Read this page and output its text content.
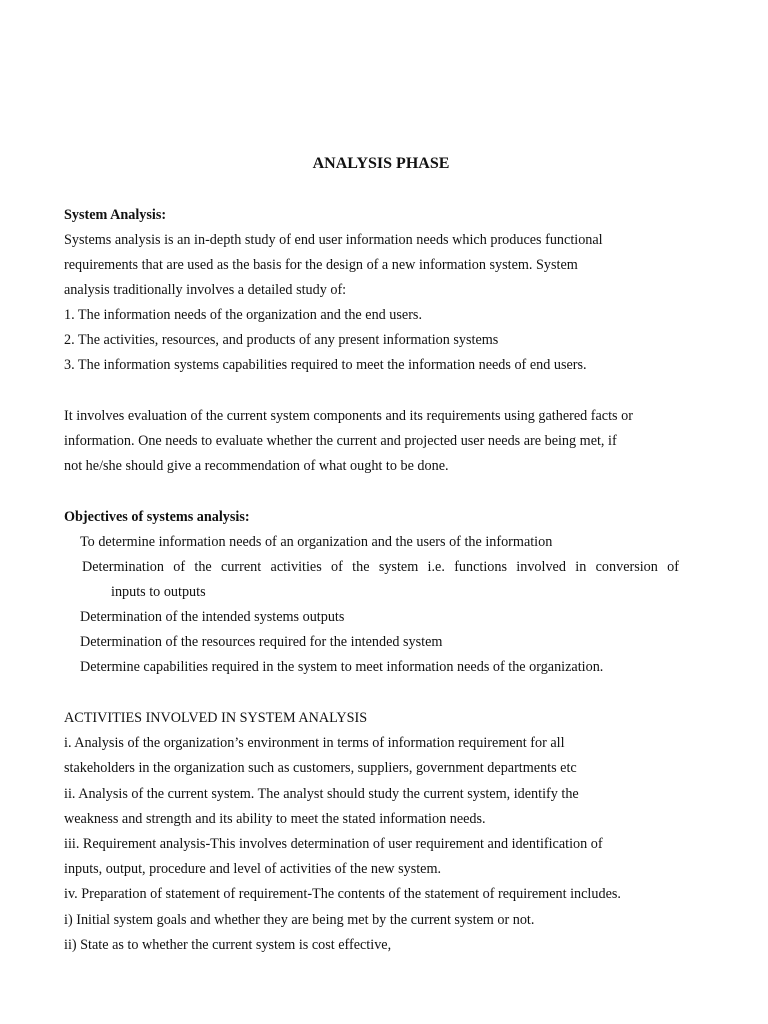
ANALYSIS PHASE
System Analysis:
Systems analysis is an in-depth study of end user information needs which produces functional
requirements that are used as the basis for the design of a new information system. System
analysis traditionally involves a detailed study of:
1. The information needs of the organization and the end users.
2. The activities, resources, and products of any present information systems
3. The information systems capabilities required to meet the information needs of end users.
It involves evaluation of the current system components and its requirements using gathered facts or
information. One needs to evaluate whether the current and projected user needs are being met, if
not he/she should give a recommendation of what ought to be done.
Objectives of systems analysis:
To determine information needs of an organization and the users of the information
Determination of the current activities of the system i.e. functions involved in conversion of
inputs to outputs
Determination of the intended systems outputs
Determination of the resources required for the intended system
Determine capabilities required in the system to meet information needs of the organization.
ACTIVITIES INVOLVED IN SYSTEM ANALYSIS
i. Analysis of the organization’s environment in terms of information requirement for all
stakeholders in the organization such as customers, suppliers, government departments etc
ii. Analysis of the current system. The analyst should study the current system, identify the
weakness and strength and its ability to meet the stated information needs.
iii. Requirement analysis-This involves determination of user requirement and identification of
inputs, output, procedure and level of activities of the new system.
iv. Preparation of statement of requirement-The contents of the statement of requirement includes.
i) Initial system goals and whether they are being met by the current system or not.
ii) State as to whether the current system is cost effective,
